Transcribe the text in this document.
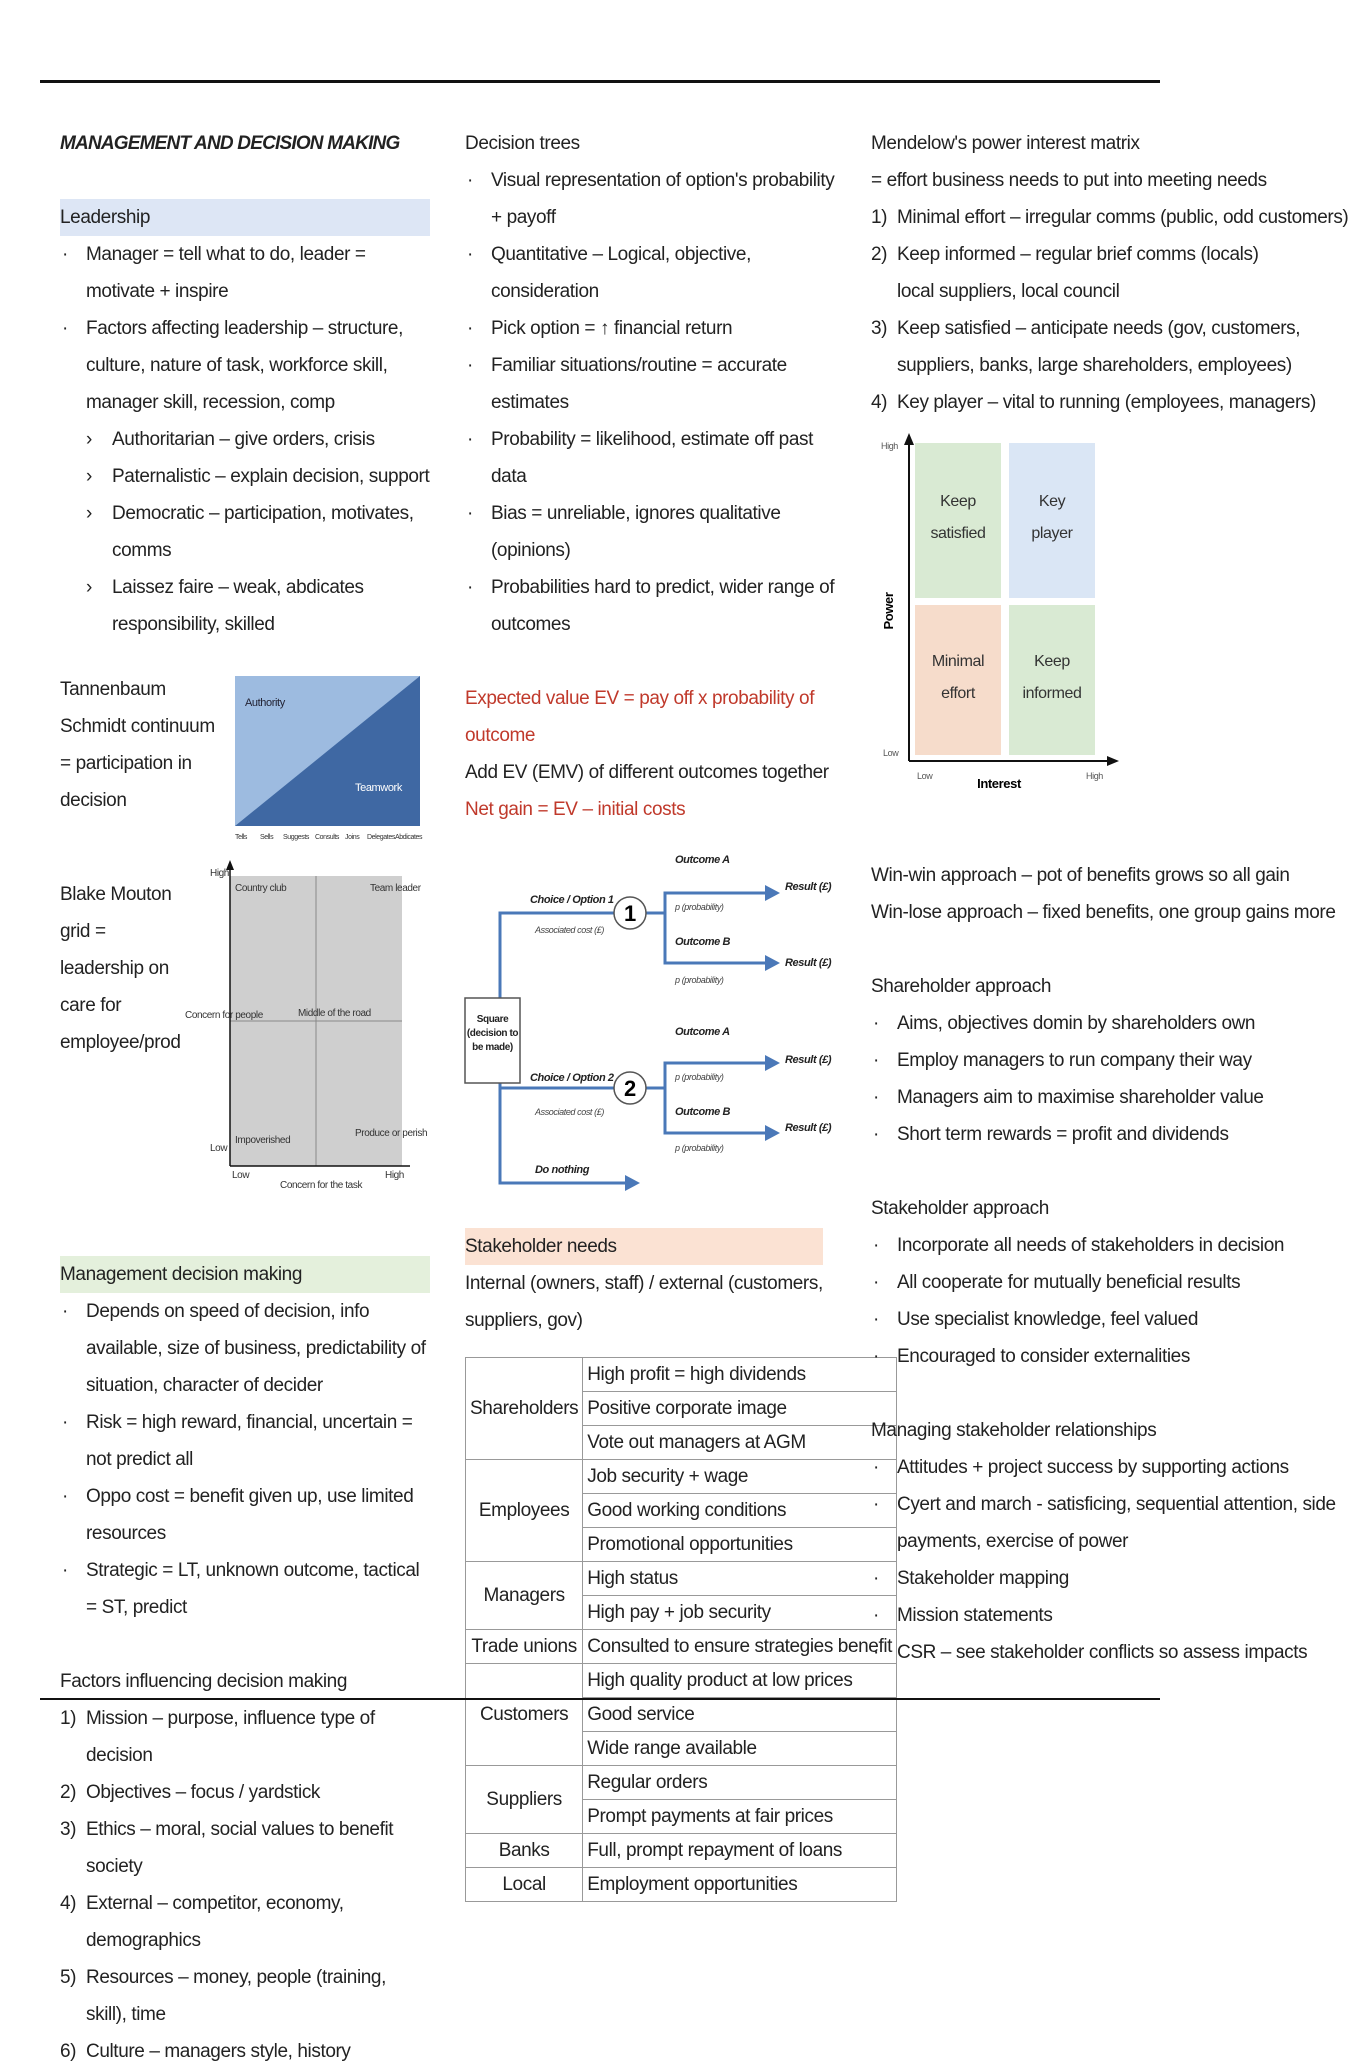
MANAGEMENT AND DECISION MAKING
Leadership
· Manager = tell what to do, leader = motivate + inspire
· Factors affecting leadership – structure, culture, nature of task, workforce skill, manager skill, recession, comp
› Authoritarian – give orders, crisis
› Paternalistic – explain decision, support
› Democratic – participation, motivates, comms
› Laissez faire – weak, abdicates responsibility, skilled
Tannenbaum Schmidt continuum = participation in decision
Authority
Teamwork
Tells Sells Suggests Consults Joins Delegates Abdicates
Blake Mouton grid = leadership on care for employee/prod
Country club	Team leader
Middle of the road
Impoverished
Produce or perish
Concern for people
Concern for the task
High
Low
Low	High
Management decision making
· Depends on speed of decision, info available, size of business, predictability of situation, character of decider
· Risk = high reward, financial, uncertain = not predict all
· Oppo cost = benefit given up, use limited resources
· Strategic = LT, unknown outcome, tactical = ST, predict
Factors influencing decision making
1) Mission – purpose, influence type of decision
2) Objectives – focus / yardstick
3) Ethics – moral, social values to benefit society
4) External – competitor, economy, demographics
5) Resources – money, people (training, skill), time
6) Culture – managers style, history
Decision trees
· Visual representation of option's probability + payoff
· Quantitative – Logical, objective, consideration
· Pick option = ↑ financial return
· Familiar situations/routine = accurate estimates
· Probability = likelihood, estimate off past data
· Bias = unreliable, ignores qualitative (opinions)
· Probabilities hard to predict, wider range of outcomes
Expected value EV = pay off x probability of outcome
Add EV (EMV) of different outcomes together
Net gain = EV – initial costs
Square (decision to be made)
1
2
Choice / Option 1
Choice / Option 2
Do nothing
Outcome A
Outcome B
Outcome A
Outcome B
Result (£)
Result (£)
Result (£)
Result (£)
Associated cost (£)
Associated cost (£)
p (probability)
p (probability)
p (probability)
p (probability)
Stakeholder needs
Internal (owners, staff) / external (customers, suppliers, gov)
Shareholders	High profit = high dividends
	Positive corporate image
	Vote out managers at AGM
Employees	Job security + wage
	Good working conditions
	Promotional opportunities
Managers	High status
	High pay + job security
Trade unions	Consulted to ensure strategies benefit
Customers	High quality product at low prices
	Good service
	Wide range available
Suppliers	Regular orders
	Prompt payments at fair prices
Banks	Full, prompt repayment of loans
Local	Employment opportunities
Mendelow's power interest matrix
= effort business needs to put into meeting needs
1) Minimal effort – irregular comms (public, odd customers)
2) Keep informed – regular brief comms (locals)
local suppliers, local council
3) Keep satisfied – anticipate needs (gov, customers,
suppliers, banks, large shareholders, employees)
4) Key player – vital to running (employees, managers)
Keep
satisfied
Key
player
Minimal
effort
Keep
informed
Interest
Power
High
Low
Low	High
Win-win approach – pot of benefits grows so all gain
Win-lose approach – fixed benefits, one group gains more
Shareholder approach
· Aims, objectives domin by shareholders own
· Employ managers to run company their way
· Managers aim to maximise shareholder value
· Short term rewards = profit and dividends
Stakeholder approach
· Incorporate all needs of stakeholders in decision
· All cooperate for mutually beneficial results
· Use specialist knowledge, feel valued
· Encouraged to consider externalities
Managing stakeholder relationships
· Attitudes + project success by supporting actions
· Cyert and march - satisficing, sequential attention, side
payments, exercise of power
· Stakeholder mapping
· Mission statements
· CSR – see stakeholder conflicts so assess impacts
